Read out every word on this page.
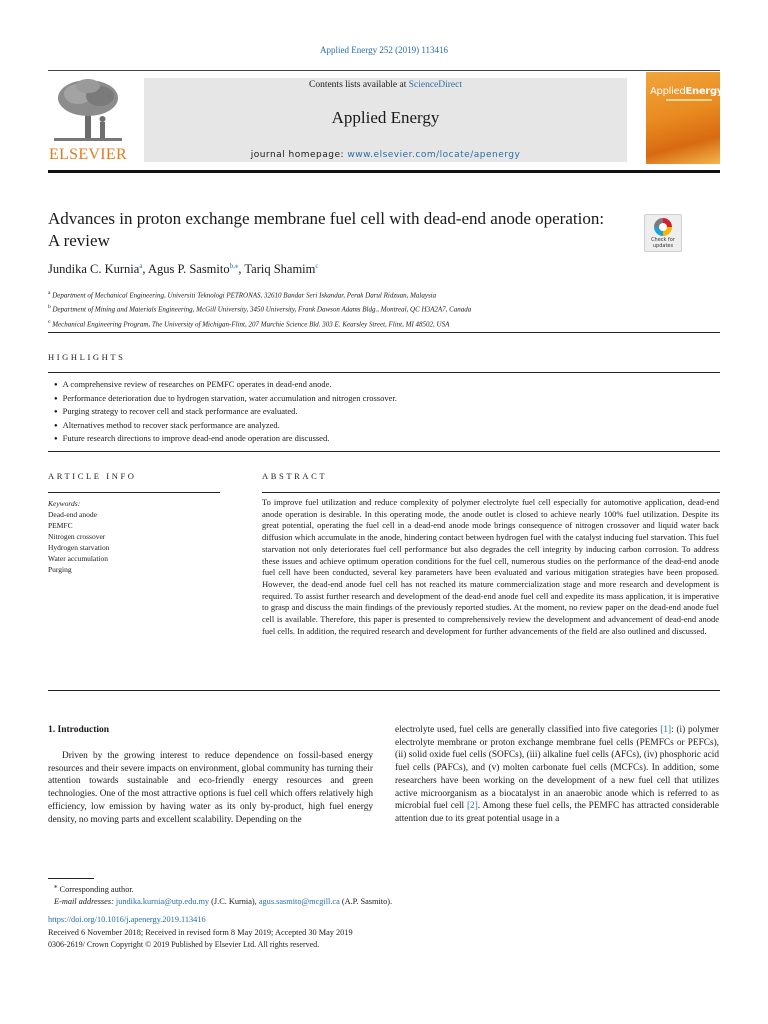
Applied Energy 252 (2019) 113416
ELSEVIER
Contents lists available at ScienceDirect
Applied Energy
journal homepage: www.elsevier.com/locate/apenergy
AppliedEnergy
Advances in proton exchange membrane fuel cell with dead-end anode operation: A review	Check for updates
Jundika C. Kurnia$^a$, Agus P. Sasmito$^{b,⁎}$, Tariq Shamim$^c$
$^a$ Department of Mechanical Engineering, Universiti Teknologi PETRONAS, 32610 Bandar Seri Iskandar, Perak Darul Ridzuan, Malaysia
$^b$ Department of Mining and Materials Engineering, McGill University, 3450 University, Frank Dawson Adams Bldg., Montreal, QC H3A2A7, Canada
$^c$ Mechanical Engineering Program, The University of Michigan-Flint, 207 Murchie Science Bld. 303 E. Kearsley Street, Flint, MI 48502, USA
HIGHLIGHTS
● A comprehensive review of researches on PEMFC operates in dead-end anode.
● Performance deterioration due to hydrogen starvation, water accumulation and nitrogen crossover.
● Purging strategy to recover cell and stack performance are evaluated.
● Alternatives method to recover stack performance are analyzed.
● Future research directions to improve dead-end anode operation are discussed.
ARTICLE INFO	ABSTRACT
Keywords:
Dead-end anode
PEMFC
Nitrogen crossover
Hydrogen starvation
Water accumulation
Purging
To improve fuel utilization and reduce complexity of polymer electrolyte fuel cell especially for automotive application, dead-end anode operation is desirable. In this operating mode, the anode outlet is closed to achieve nearly 100% fuel utilization. Despite its great potential, operating the fuel cell in a dead-end anode mode brings consequence of nitrogen crossover and liquid water back diffusion which accumulate in the anode, hindering contact between hydrogen fuel with the catalyst inducing fuel starvation. This fuel starvation not only deteriorates fuel cell performance but also degrades the cell integrity by inducing carbon corrosion. To address these issues and achieve optimum operation conditions for the fuel cell, numerous studies on the performance of the dead-end anode fuel cell have been conducted, several key parameters have been evaluated and various mitigation strategies have been proposed. However, the dead-end anode fuel cell has not reached its mature commercialization stage and more research and development is required. To assist further research and development of the dead-end anode fuel cell and expedite its mass application, it is imperative to grasp and discuss the main findings of the previously reported studies. At the moment, no review paper on the dead-end anode fuel cell is available. Therefore, this paper is presented to comprehensively review the development and advancement of dead-end anode fuel cells. In addition, the required research and development for further advancements of the field are also outlined and discussed.
1. Introduction
Driven by the growing interest to reduce dependence on fossil-based energy resources and their severe impacts on environment, global community has turning their attention towards sustainable and eco-friendly energy resources and green technologies. One of the most attractive options is fuel cell which offers relatively high efficiency, low emission by having water as its only by-product, high fuel energy density, no moving parts and excellent scalability. Depending on the
electrolyte used, fuel cells are generally classified into five categories [1]: (i) polymer electrolyte membrane or proton exchange membrane fuel cells (PEMFCs or PEFCs), (ii) solid oxide fuel cells (SOFCs), (iii) alkaline fuel cells (AFCs), (iv) phosphoric acid fuel cells (PAFCs), and (v) molten carbonate fuel cells (MCFCs). In addition, some researchers have been working on the development of a new fuel cell that utilizes active microorganism as a biocatalyst in an anaerobic anode which is referred to as microbial fuel cell [2]. Among these fuel cells, the PEMFC has attracted considerable attention due to its great potential usage in a
⁎ Corresponding author.
E-mail addresses: jundika.kurnia@utp.edu.my (J.C. Kurnia), agus.sasmito@mcgill.ca (A.P. Sasmito).
https://doi.org/10.1016/j.apenergy.2019.113416
Received 6 November 2018; Received in revised form 8 May 2019; Accepted 30 May 2019
0306-2619/ Crown Copyright © 2019 Published by Elsevier Ltd. All rights reserved.
